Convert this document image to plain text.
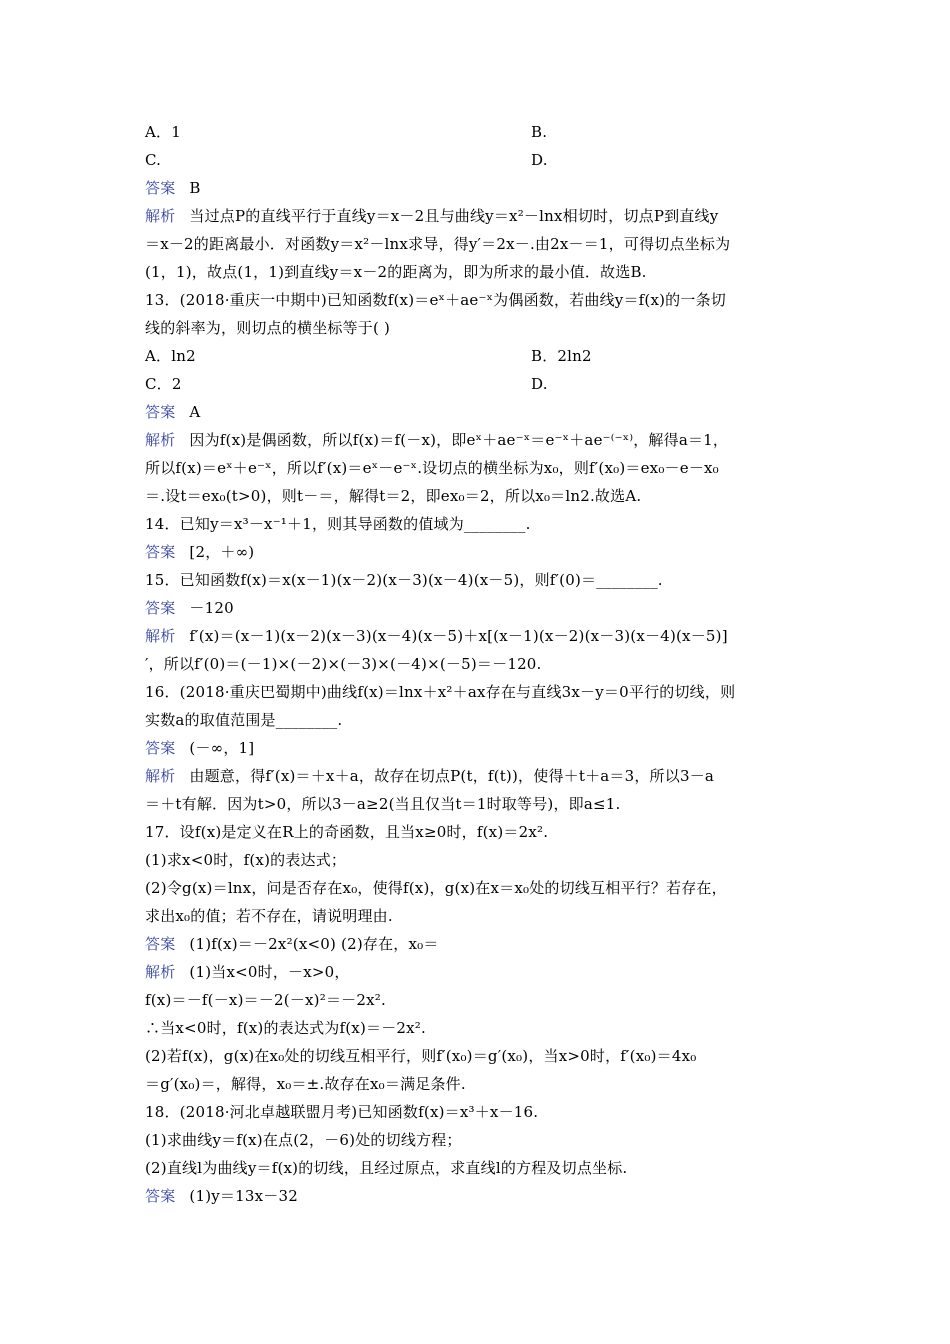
A．1	B.
C.	D.
答案 B
解析 当过点P的直线平行于直线y＝x－2且与曲线y＝x²－lnx相切时，切点P到直线y
＝x－2的距离最小．对函数y＝x²－lnx求导，得y′＝2x－.由2x－＝1，可得切点坐标为
(1，1)，故点(1，1)到直线y＝x－2的距离为，即为所求的最小值．故选B.
13．(2018·重庆一中期中)已知函数f(x)＝eˣ＋ae⁻ˣ为偶函数，若曲线y＝f(x)的一条切
线的斜率为，则切点的横坐标等于( )
A．ln2	B．2ln2
C．2	D.
答案 A
解析 因为f(x)是偶函数，所以f(x)＝f(－x)，即eˣ＋ae⁻ˣ＝e⁻ˣ＋ae⁻⁽⁻ˣ⁾，解得a＝1，
所以f(x)＝eˣ＋e⁻ˣ，所以f′(x)＝eˣ－e⁻ˣ.设切点的横坐标为x₀，则f′(x₀)＝ex₀－e－x₀
＝.设t＝ex₀(t>0)，则t－＝，解得t＝2，即ex₀＝2，所以x₀＝ln2.故选A.
14．已知y＝x³－x⁻¹＋1，则其导函数的值域为________.
答案 [2，＋∞)
15．已知函数f(x)＝x(x－1)(x－2)(x－3)(x－4)(x－5)，则f′(0)＝________.
答案 －120
解析 f′(x)＝(x－1)(x－2)(x－3)(x－4)(x－5)＋x[(x－1)(x－2)(x－3)(x－4)(x－5)]
′，所以f′(0)＝(－1)×(－2)×(－3)×(－4)×(－5)＝－120.
16．(2018·重庆巴蜀期中)曲线f(x)＝lnx＋x²＋ax存在与直线3x－y＝0平行的切线，则
实数a的取值范围是________.
答案 (－∞，1]
解析 由题意，得f′(x)＝＋x＋a，故存在切点P(t，f(t))，使得＋t＋a＝3，所以3－a
＝＋t有解．因为t>0，所以3－a≥2(当且仅当t＝1时取等号)，即a≤1.
17．设f(x)是定义在R上的奇函数，且当x≥0时，f(x)＝2x².
(1)求x<0时，f(x)的表达式；
(2)令g(x)＝lnx，问是否存在x₀，使得f(x)，g(x)在x＝x₀处的切线互相平行？若存在，
求出x₀的值；若不存在，请说明理由.
答案 (1)f(x)＝－2x²(x<0) (2)存在，x₀＝
解析 (1)当x<0时，－x>0，
f(x)＝－f(－x)＝－2(－x)²＝－2x².
∴当x<0时，f(x)的表达式为f(x)＝－2x².
(2)若f(x)，g(x)在x₀处的切线互相平行，则f′(x₀)＝g′(x₀)，当x>0时，f′(x₀)＝4x₀
＝g′(x₀)＝，解得，x₀＝±.故存在x₀＝满足条件.
18．(2018·河北卓越联盟月考)已知函数f(x)＝x³＋x－16.
(1)求曲线y＝f(x)在点(2，－6)处的切线方程；
(2)直线l为曲线y＝f(x)的切线，且经过原点，求直线l的方程及切点坐标.
答案 (1)y＝13x－32
